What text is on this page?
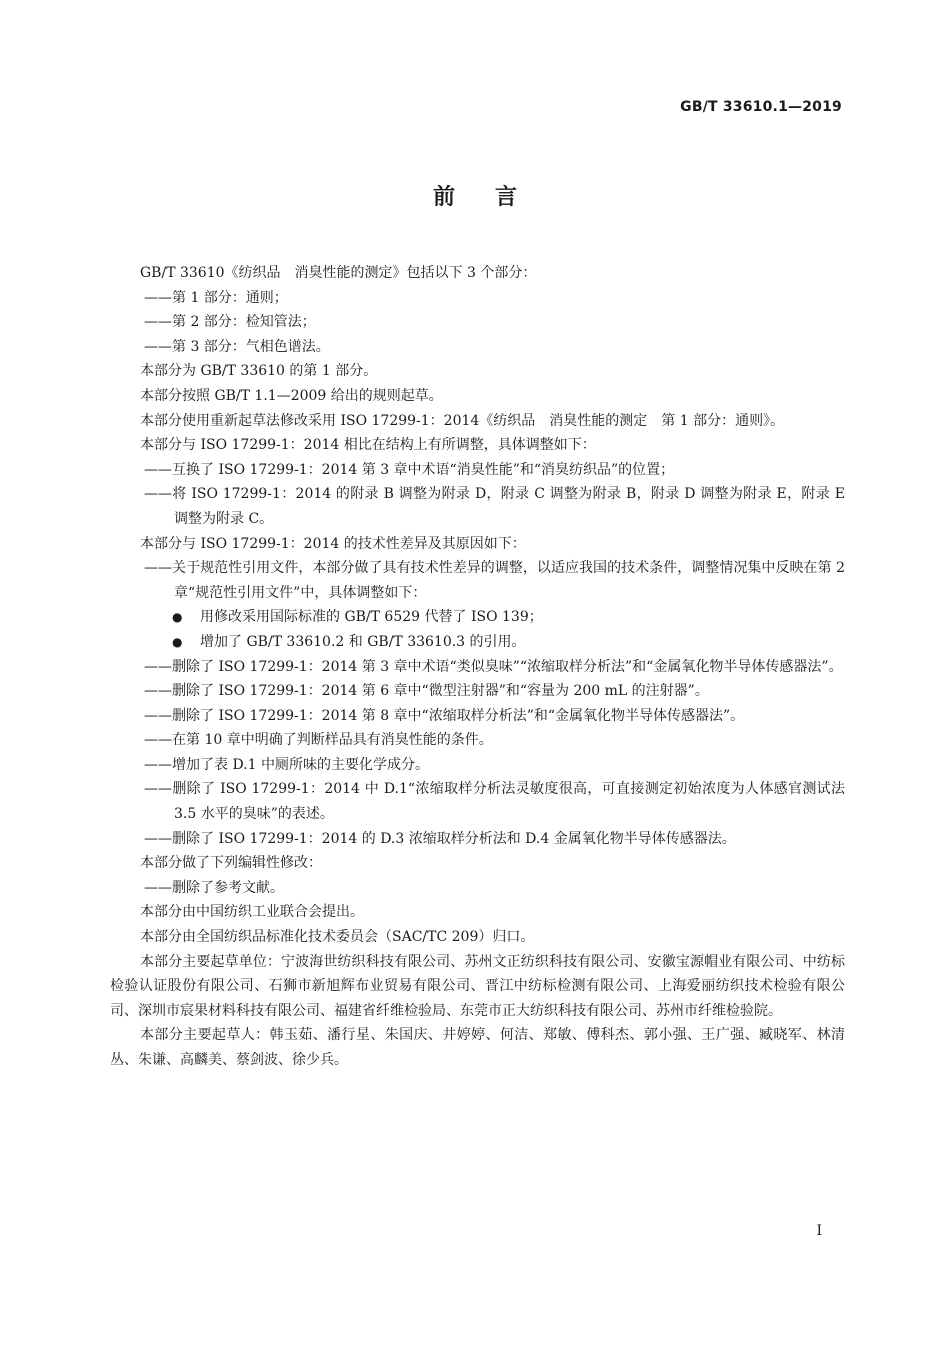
GB/T 33610.1—2019
前言

GB/T 33610《纺织品　消臭性能的测定》包括以下 3 个部分：

——第 1 部分：通则；

——第 2 部分：检知管法；

——第 3 部分：气相色谱法。

本部分为 GB/T 33610 的第 1 部分。

本部分按照 GB/T 1.1—2009 给出的规则起草。

本部分使用重新起草法修改采用 ISO 17299-1：2014《纺织品　消臭性能的测定　第 1 部分：通则》。

本部分与 ISO 17299-1：2014 相比在结构上有所调整，具体调整如下：

——互换了 ISO 17299-1：2014 第 3 章中术语“消臭性能”和“消臭纺织品”的位置；

——将 ISO 17299-1：2014 的附录 B 调整为附录 D，附录 C 调整为附录 B，附录 D 调整为附录 E，附录 E 调整为附录 C。

本部分与 ISO 17299-1：2014 的技术性差异及其原因如下：

——关于规范性引用文件，本部分做了具有技术性差异的调整，以适应我国的技术条件，调整情况集中反映在第 2 章“规范性引用文件”中，具体调整如下：

● 用修改采用国际标准的 GB/T 6529 代替了 ISO 139；
● 增加了 GB/T 33610.2 和 GB/T 33610.3 的引用。

——删除了 ISO 17299-1：2014 第 3 章中术语“类似臭味”“浓缩取样分析法”和“金属氧化物半导体传感器法”。

——删除了 ISO 17299-1：2014 第 6 章中“微型注射器”和“容量为 200 mL 的注射器”。

——删除了 ISO 17299-1：2014 第 8 章中“浓缩取样分析法”和“金属氧化物半导体传感器法”。

——在第 10 章中明确了判断样品具有消臭性能的条件。

——增加了表 D.1 中厕所味的主要化学成分。

——删除了 ISO 17299-1：2014 中 D.1“浓缩取样分析法灵敏度很高，可直接测定初始浓度为人体感官测试法 3.5 水平的臭味”的表述。

——删除了 ISO 17299-1：2014 的 D.3 浓缩取样分析法和 D.4 金属氧化物半导体传感器法。

本部分做了下列编辑性修改：

——删除了参考文献。

本部分由中国纺织工业联合会提出。

本部分由全国纺织品标准化技术委员会（SAC/TC 209）归口。

本部分主要起草单位：宁波海世纺织科技有限公司、苏州文正纺织科技有限公司、安徽宝源帽业有限公司、中纺标检验认证股份有限公司、石狮市新旭辉布业贸易有限公司、晋江中纺标检测有限公司、上海爱丽纺织技术检验有限公司、深圳市宸果材料科技有限公司、福建省纤维检验局、东莞市正大纺织科技有限公司、苏州市纤维检验院。

本部分主要起草人：韩玉茹、潘行星、朱国庆、井婷婷、何洁、郑敏、傅科杰、郭小强、王广强、臧晓军、林清丛、朱谦、高麟美、蔡剑波、徐少兵。

I
